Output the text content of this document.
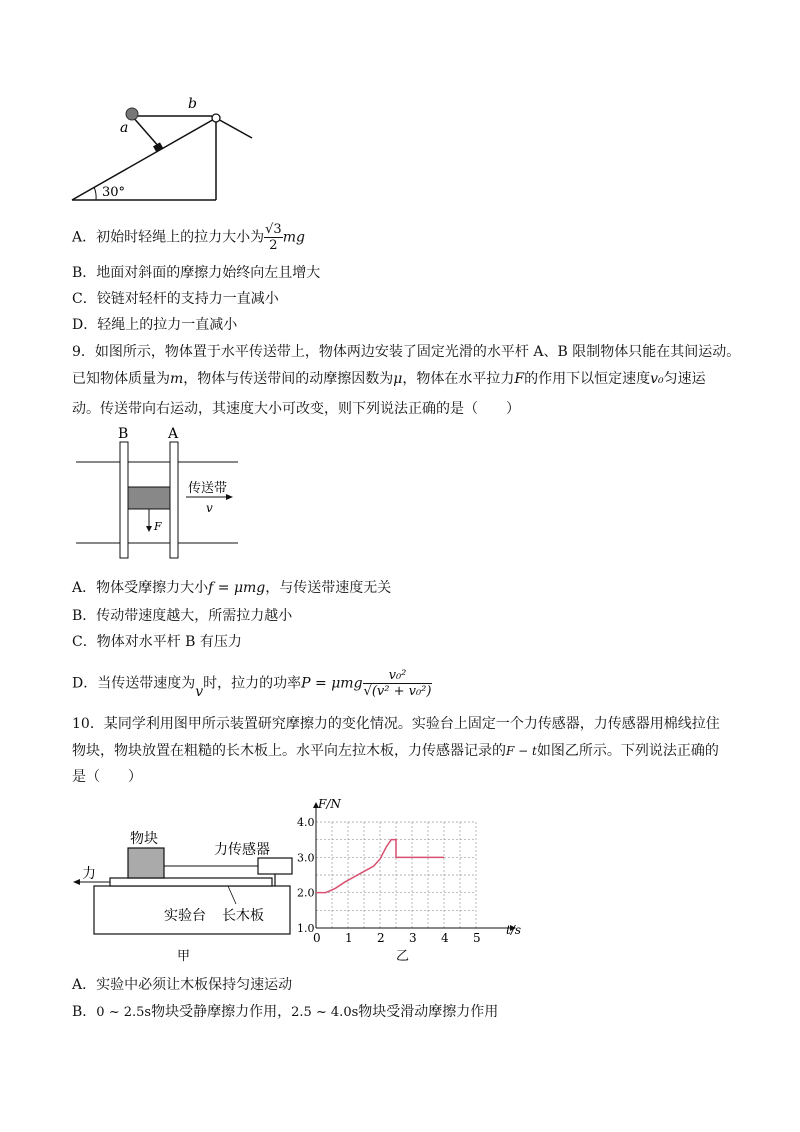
a
b
30°
A．初始时轻绳上的拉力大小为 $\frac{√3}{2}$ mg
B．地面对斜面的摩擦力始终向左且增大
C．铰链对轻杆的支持力一直减小
D．轻绳上的拉力一直减小
9．如图所示，物体置于水平传送带上，物体两边安装了固定光滑的水平杆 A、B 限制物体只能在其间运动。
已知物体质量为m，物体与传送带间的动摩擦因数为μ，物体在水平拉力F的作用下以恒定速度v₀匀速运
动。传送带向右运动，其速度大小可改变，则下列说法正确的是（　　）
B	A
传送带
v
F
A．物体受摩擦力大小f = μmg，与传送带速度无关
B．传动带速度越大，所需拉力越小
C．物体对水平杆 B 有压力
D．当传送带速度为v时，拉力的功率P = μmg $\frac{\text{v₀²}}{\text{√(v² + v₀²)}}$
10．某同学利用图甲所示装置研究摩擦力的变化情况。实验台上固定一个力传感器，力传感器用棉线拉住
物块，物块放置在粗糙的长木板上。水平向左拉木板，力传感器记录的F − t如图乙所示。下列说法正确的
是（　　）
物块
力传感器
力
实验台 长木板
甲
0 1 2 3 4 5
1.0
2.0
3.0
4.0
F/N
t/s
乙
A．实验中必须让木板保持匀速运动
B．0 ~ 2.5s物块受静摩擦力作用，2.5 ~ 4.0s物块受滑动摩擦力作用
